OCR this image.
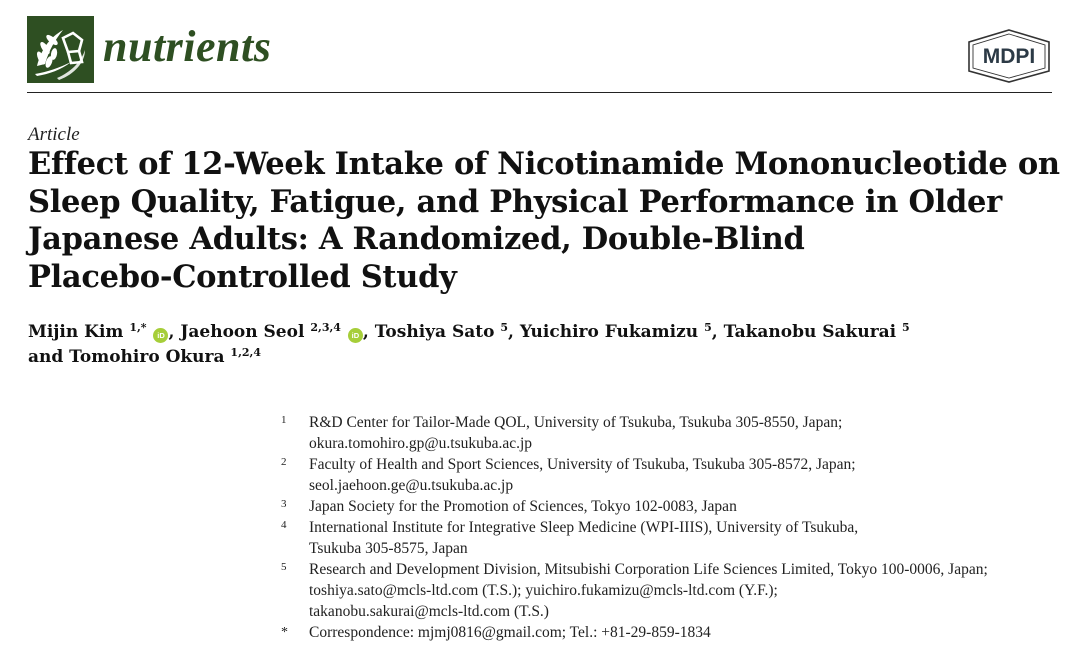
nutrients	MDPI
Article
Effect of 12-Week Intake of Nicotinamide Mononucleotide on
Sleep Quality, Fatigue, and Physical Performance in Older
Japanese Adults: A Randomized, Double-Blind
Placebo-Controlled Study
Mijin Kim $^{1,*}$ iD , Jaehoon Seol $^{2,3,4}$ iD , Toshiya Sato $^5$, Yuichiro Fukamizu $^5$, Takanobu Sakurai $^5$
and Tomohiro Okura $^{1,2,4}$
1 R&D Center for Tailor-Made QOL, University of Tsukuba, Tsukuba 305-8550, Japan;
okura.tomohiro.gp@u.tsukuba.ac.jp
2 Faculty of Health and Sport Sciences, University of Tsukuba, Tsukuba 305-8572, Japan;
seol.jaehoon.ge@u.tsukuba.ac.jp
3 Japan Society for the Promotion of Sciences, Tokyo 102-0083, Japan
4 International Institute for Integrative Sleep Medicine (WPI-IIIS), University of Tsukuba,
Tsukuba 305-8575, Japan
5 Research and Development Division, Mitsubishi Corporation Life Sciences Limited, Tokyo 100-0006, Japan;
toshiya.sato@mcls-ltd.com (T.S.); yuichiro.fukamizu@mcls-ltd.com (Y.F.);
takanobu.sakurai@mcls-ltd.com (T.S.)
* Correspondence: mjmj0816@gmail.com; Tel.: +81-29-859-1834
